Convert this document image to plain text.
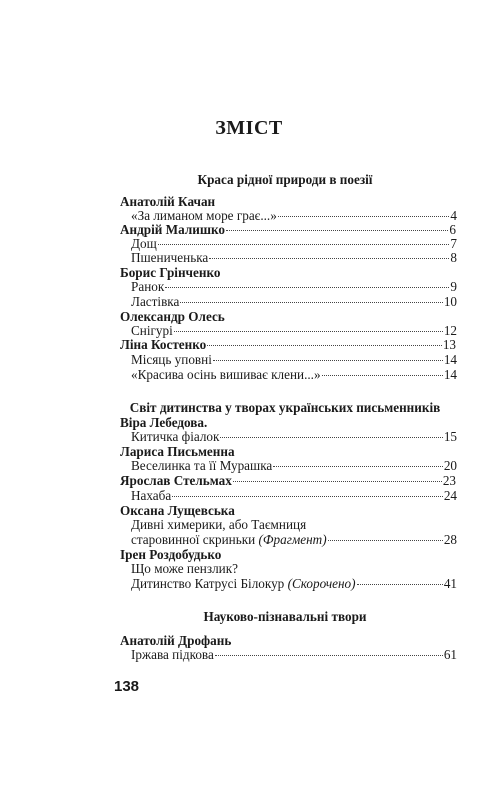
ЗМІСТ
Краса рідної природи в поезії
Анатолій Качан
«За лиманом море грає...»	4
Андрій Малишко	6
Дощ	7
Пшениченька	8
Борис Грінченко
Ранок	9
Ластівка	10
Олександр Олесь
Снігурі	12
Ліна Костенко	13
Місяць уповні	14
«Красива осінь вишиває клени...»	14
Світ дитинства у творах українських письменників
Віра Лебедова.
Китичка фіалок	15
Лариса Письменна
Веселинка та її Мурашка	20
Ярослав Стельмах	23
Нахаба	24
Оксана Лущевська
Дивні химерики, або Таємниця
старовинної скриньки
(Фрагмент)	28
Ірен Роздобудько
Що може пензлик?
Дитинство Катрусі Білокур
(Скорочено)	41
Науково-пізнавальні твори
Анатолій Дрофань
Іржава підкова	61
138
